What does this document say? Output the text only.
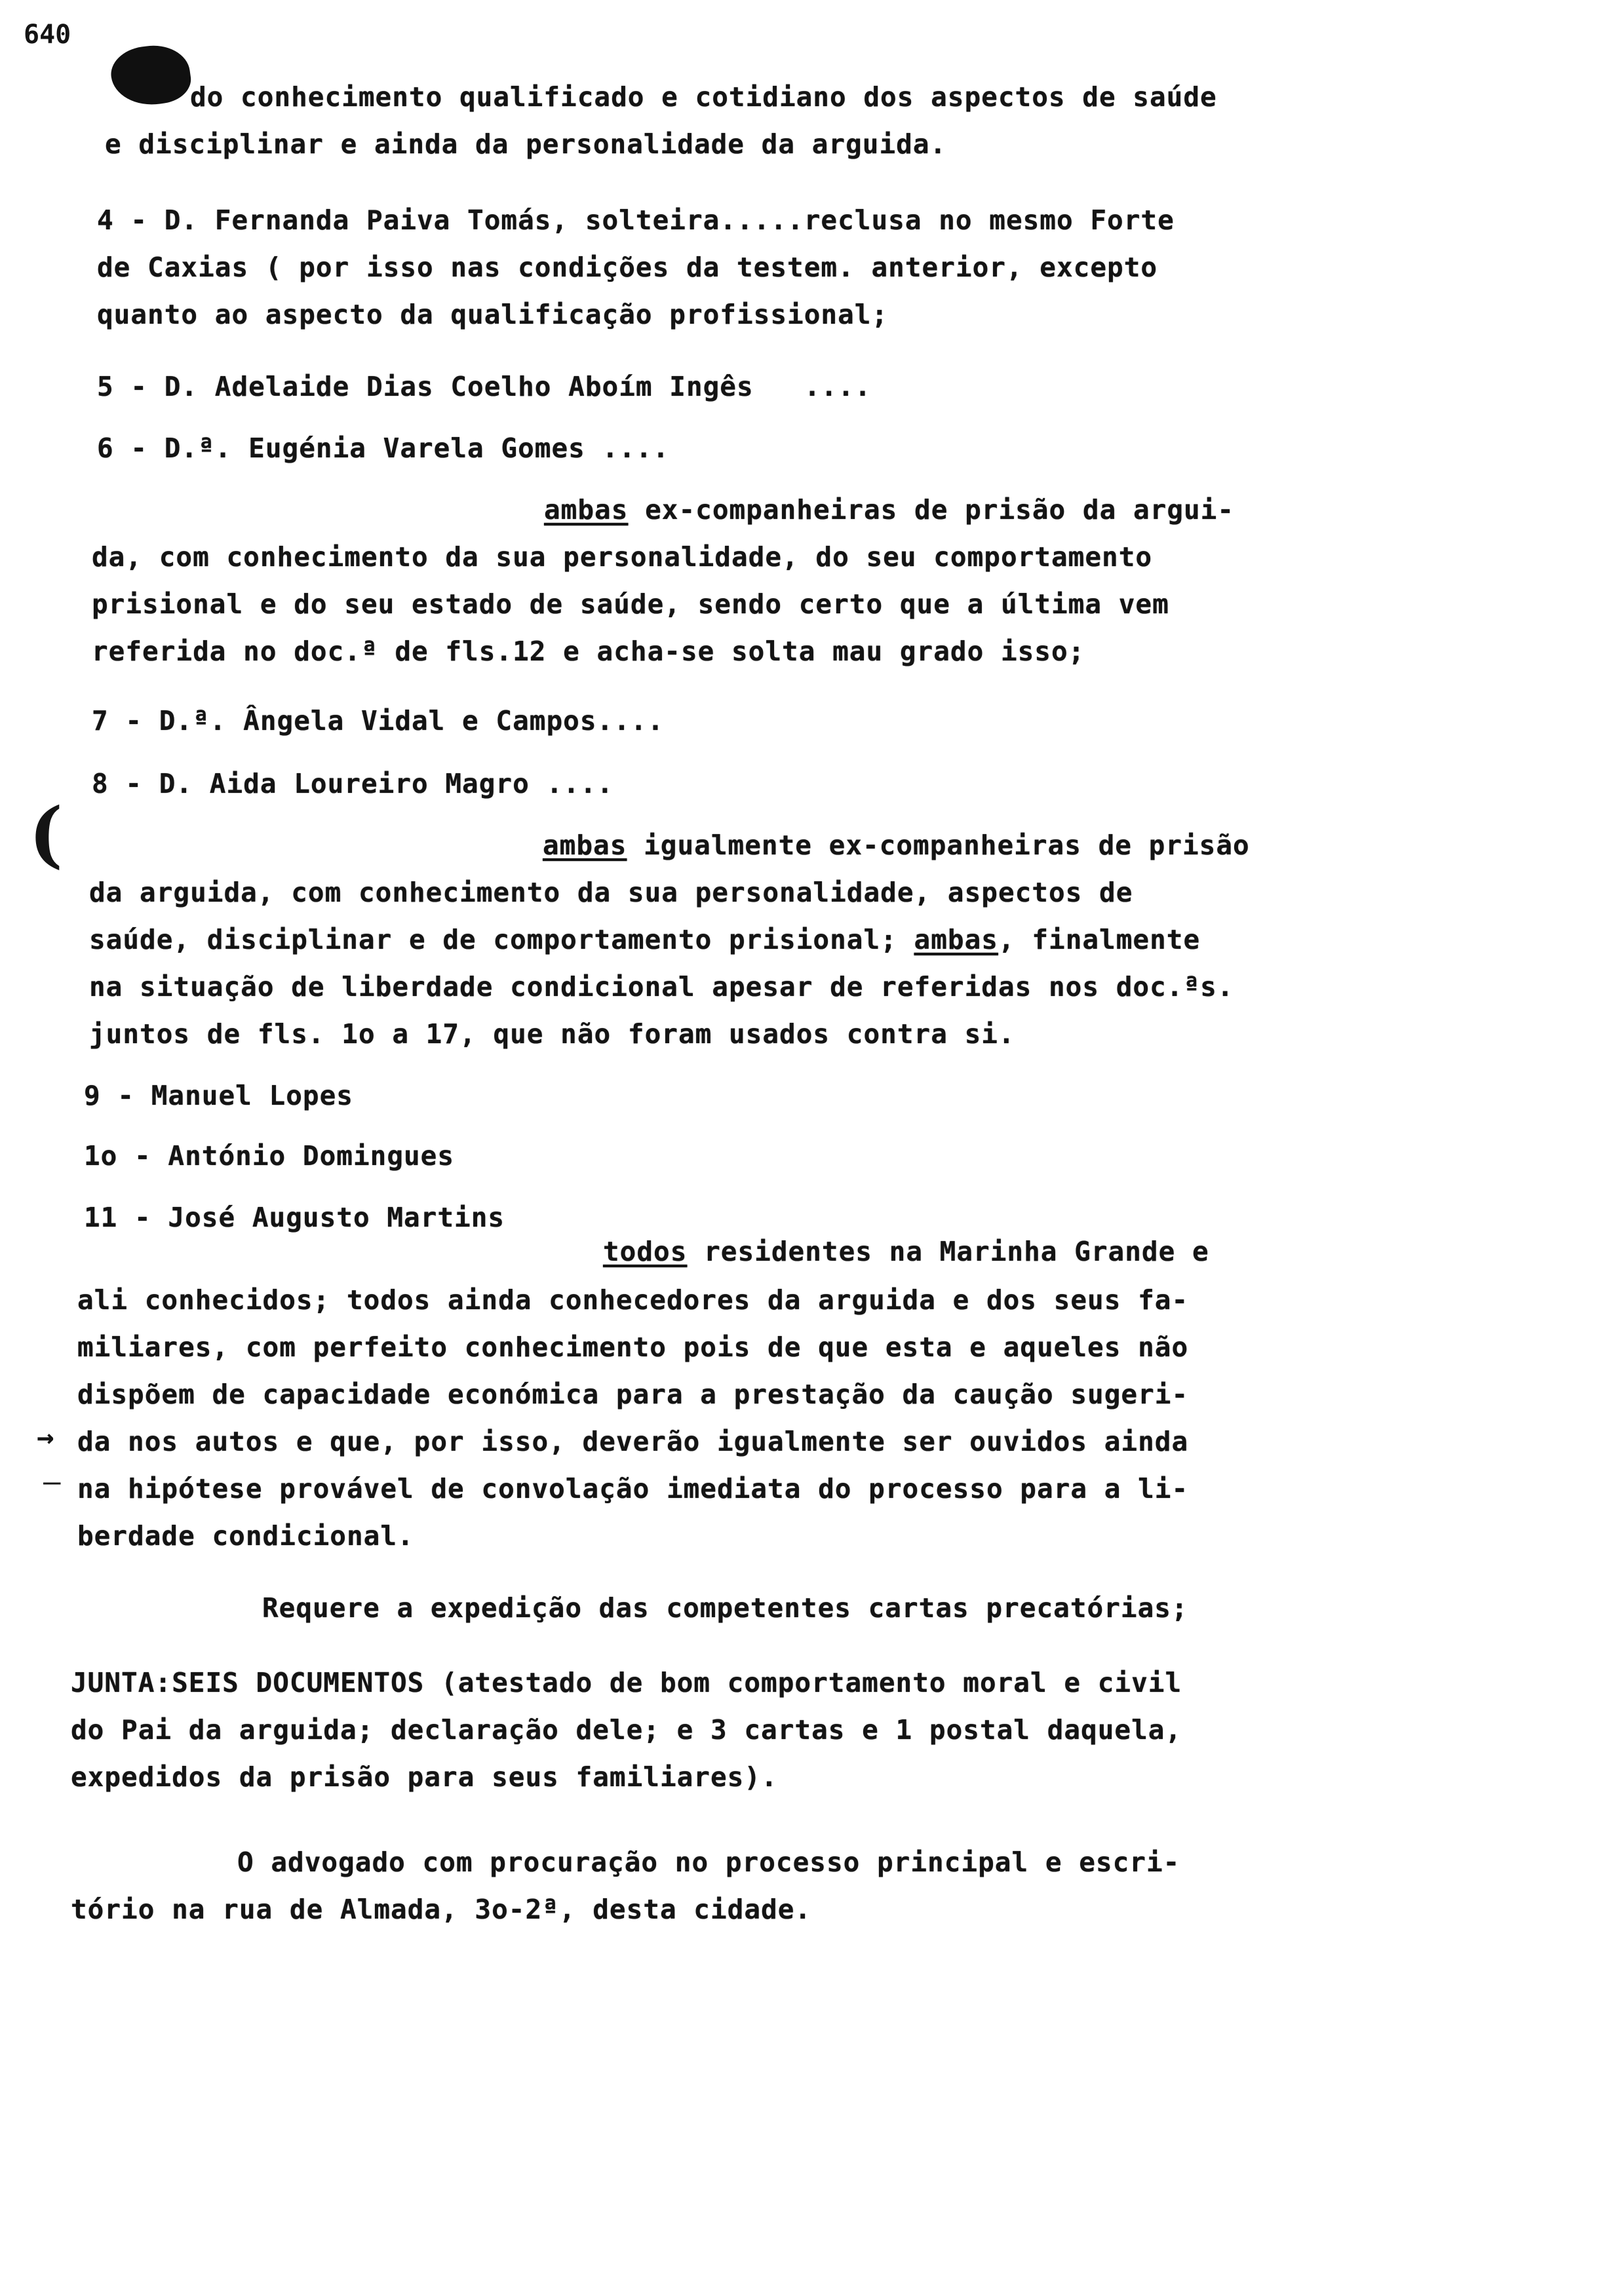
640
(
→
–

do conhecimento qualificado e cotidiano dos aspectos de saúde

e disciplinar e ainda da personalidade da arguida.

4 - D. Fernanda Paiva Tomás, solteira.....reclusa no mesmo Forte

de Caxias ( por isso nas condições da testem. anterior, excepto

quanto ao aspecto da qualificação profissional;

5 - D. Adelaide Dias Coelho Aboím Ingês   ....

6 - D.ª. Eugénia Varela Gomes ....

ambas ex-companheiras de prisão da argui-

da, com conhecimento da sua personalidade, do seu comportamento

prisional e do seu estado de saúde, sendo certo que a última vem

referida no doc.ª de fls.12 e acha-se solta mau grado isso;

7 - D.ª. Ângela Vidal e Campos....

8 - D. Aida Loureiro Magro ....

ambas igualmente ex-companheiras de prisão

da arguida, com conhecimento da sua personalidade, aspectos de

saúde, disciplinar e de comportamento prisional; ambas, finalmente

na situação de liberdade condicional apesar de referidas nos doc.ªs.

juntos de fls. 1o a 17, que não foram usados contra si.

9 - Manuel Lopes

1o - António Domingues

11 - José Augusto Martins

todos residentes na Marinha Grande e

ali conhecidos; todos ainda conhecedores da arguida e dos seus fa-

miliares, com perfeito conhecimento pois de que esta e aqueles não

dispõem de capacidade económica para a prestação da caução sugeri-

da nos autos e que, por isso, deverão igualmente ser ouvidos ainda

na hipótese provável de convolação imediata do processo para a li-

berdade condicional.

Requere a expedição das competentes cartas precatórias;

JUNTA:SEIS DOCUMENTOS (atestado de bom comportamento moral e civil

do Pai da arguida; declaração dele; e 3 cartas e 1 postal daquela,

expedidos da prisão para seus familiares).

O advogado com procuração no processo principal e escri-

tório na rua de Almada, 3o-2ª, desta cidade.
